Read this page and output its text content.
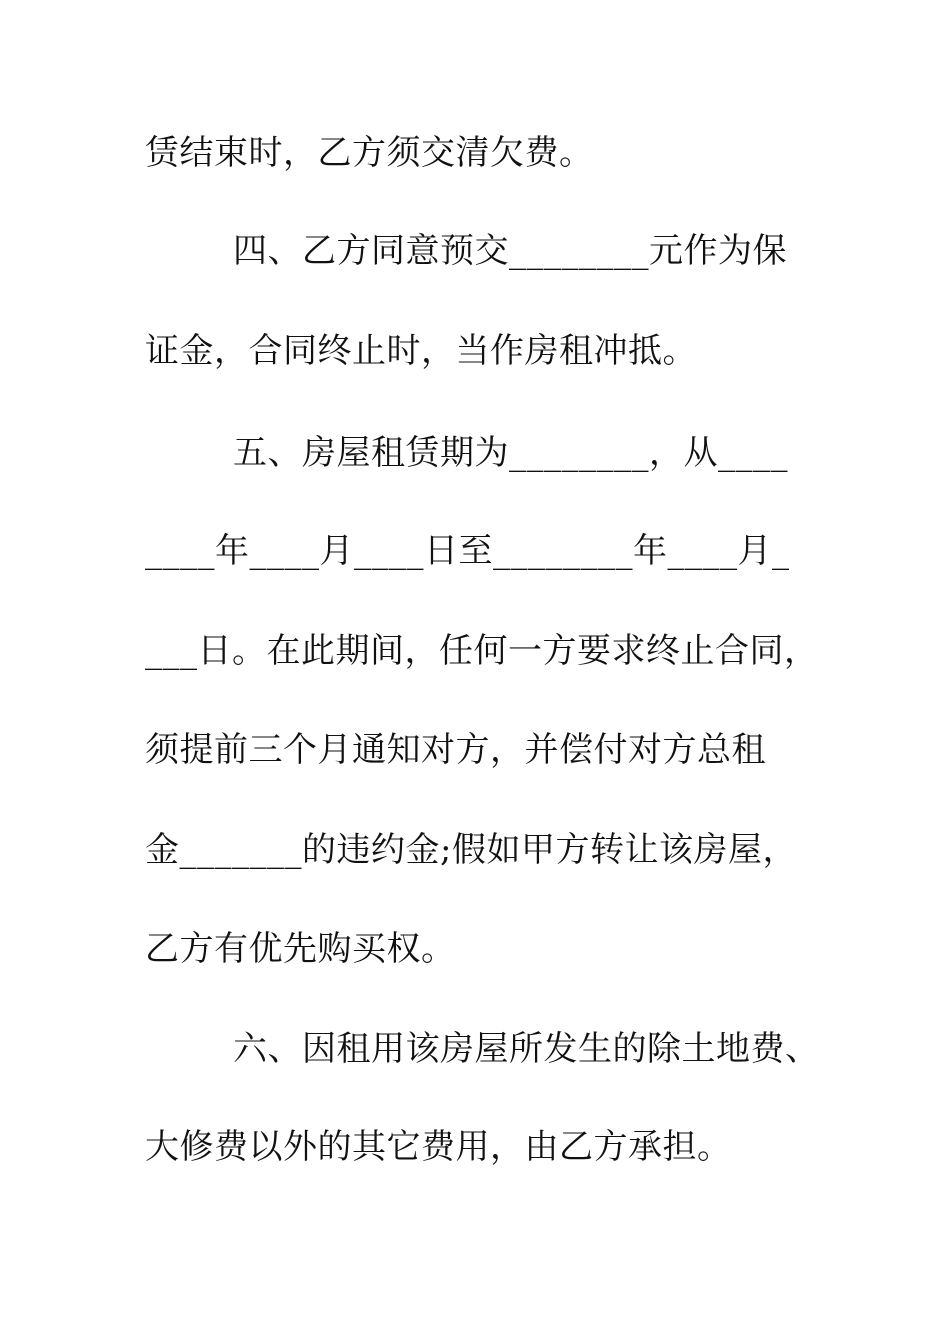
赁结束时，乙方须交清欠费。
四、乙方同意预交________元作为保
证金，合同终止时，当作房租冲抵。
五、房屋租赁期为________，从____
____年____月____日至________年____月_
___日。在此期间，任何一方要求终止合同，
须提前三个月通知对方，并偿付对方总租
金_______的违约金;假如甲方转让该房屋，
乙方有优先购买权。
六、因租用该房屋所发生的除土地费、
大修费以外的其它费用，由乙方承担。
